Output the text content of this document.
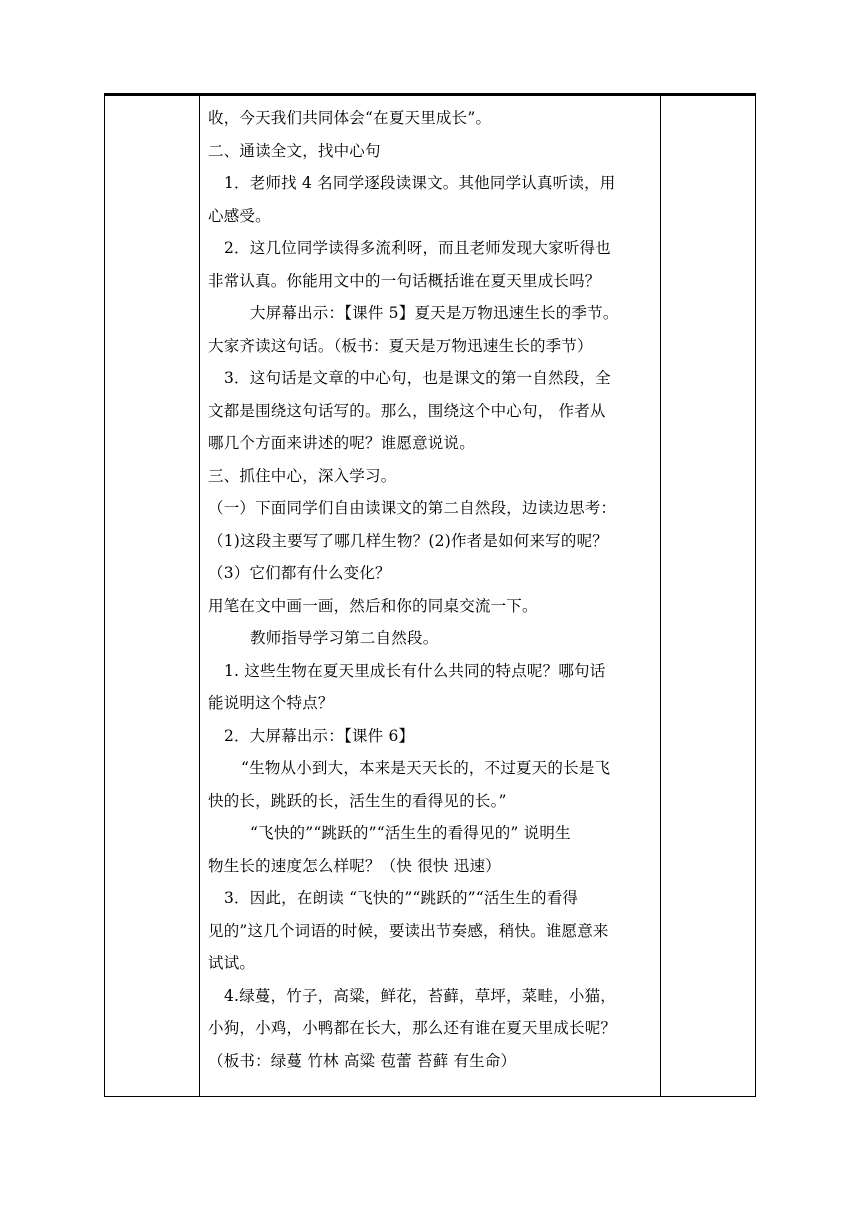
收，今天我们共同体会“在夏天里成长”。
二、通读全文，找中心句
1．老师找 4 名同学逐段读课文。其他同学认真听读，用
心感受。
2．这几位同学读得多流利呀，而且老师发现大家听得也
非常认真。你能用文中的一句话概括谁在夏天里成长吗？
大屏幕出示：【课件 5】夏天是万物迅速生长的季节。
大家齐读这句话。（板书：夏天是万物迅速生长的季节）
3．这句话是文章的中心句，也是课文的第一自然段，全
文都是围绕这句话写的。那么，围绕这个中心句， 作者从
哪几个方面来讲述的呢？谁愿意说说。
三、抓住中心，深入学习。
（一）下面同学们自由读课文的第二自然段，边读边思考：
（1)这段主要写了哪几样生物？(2)作者是如何来写的呢？
（3）它们都有什么变化？
用笔在文中画一画，然后和你的同桌交流一下。
教师指导学习第二自然段。
1. 这些生物在夏天里成长有什么共同的特点呢？哪句话
能说明这个特点？
2．大屏幕出示：【课件 6】
“生物从小到大，本来是天天长的，不过夏天的长是飞
快的长，跳跃的长，活生生的看得见的长。”
“飞快的”“跳跃的”“活生生的看得见的” 说明生
物生长的速度怎么样呢？（快 很快 迅速）
3．因此，在朗读 “飞快的”“跳跃的”“活生生的看得
见的”这几个词语的时候，要读出节奏感，稍快。谁愿意来
试试。
4.绿蔓，竹子，高粱，鲜花，苔藓，草坪，菜畦，小猫，
小狗，小鸡，小鸭都在长大，那么还有谁在夏天里成长呢？
（板书：绿蔓 竹林 高粱 苞蕾 苔藓 有生命）
